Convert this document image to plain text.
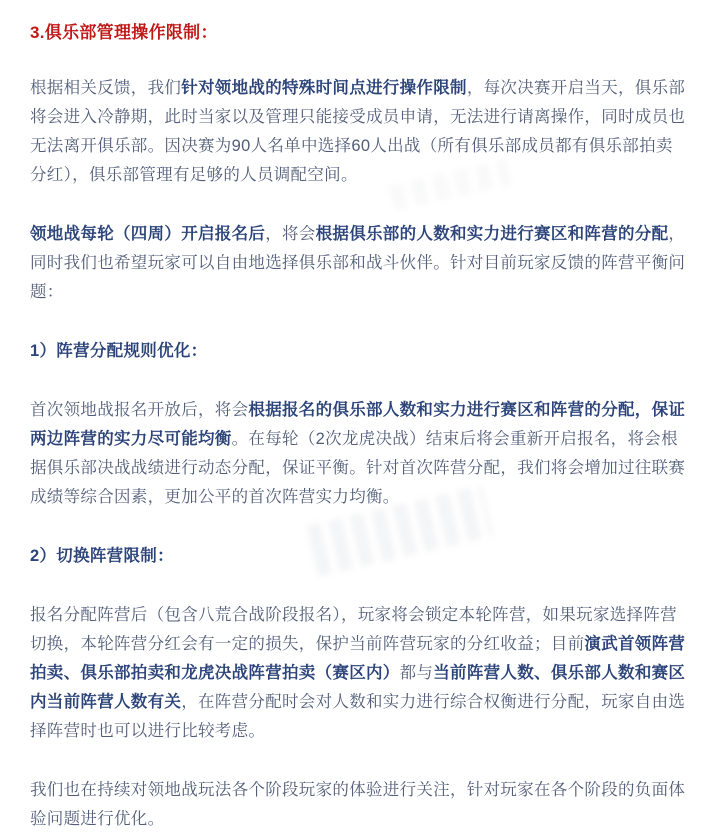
3.俱乐部管理操作限制：

根据相关反馈，我们针对领地战的特殊时间点进行操作限制，每次决赛开启当天，俱乐部将会进入冷静期，此时当家以及管理只能接受成员申请，无法进行请离操作，同时成员也无法离开俱乐部。因决赛为90人名单中选择60人出战（所有俱乐部成员都有俱乐部拍卖分红），俱乐部管理有足够的人员调配空间。

领地战每轮（四周）开启报名后，将会根据俱乐部的人数和实力进行赛区和阵营的分配，同时我们也希望玩家可以自由地选择俱乐部和战斗伙伴。针对目前玩家反馈的阵营平衡问题：

1）阵营分配规则优化：

首次领地战报名开放后，将会根据报名的俱乐部人数和实力进行赛区和阵营的分配，保证两边阵营的实力尽可能均衡。在每轮（2次龙虎决战）结束后将会重新开启报名，将会根据俱乐部决战战绩进行动态分配，保证平衡。针对首次阵营分配，我们将会增加过往联赛成绩等综合因素，更加公平的首次阵营实力均衡。

2）切换阵营限制：

报名分配阵营后（包含八荒合战阶段报名），玩家将会锁定本轮阵营，如果玩家选择阵营切换，本轮阵营分红会有一定的损失，保护当前阵营玩家的分红收益；目前演武首领阵营拍卖、俱乐部拍卖和龙虎决战阵营拍卖（赛区内）都与当前阵营人数、俱乐部人数和赛区内当前阵营人数有关，在阵营分配时会对人数和实力进行综合权衡进行分配，玩家自由选择阵营时也可以进行比较考虑。

我们也在持续对领地战玩法各个阶段玩家的体验进行关注，针对玩家在各个阶段的负面体验问题进行优化。
